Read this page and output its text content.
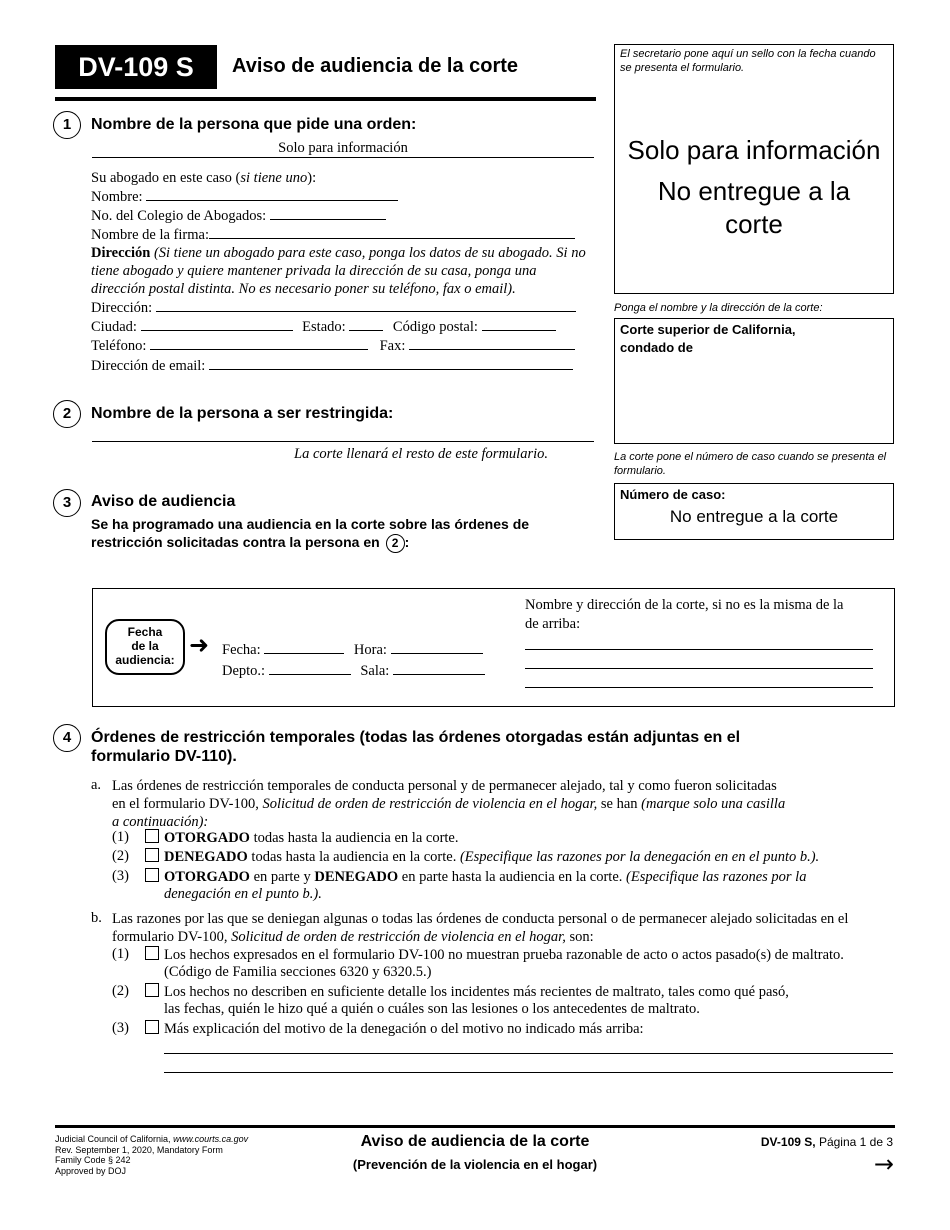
DV-109 S	Aviso de audiencia de la corte
El secretario pone aquí un sello con la fecha cuando se presenta el formulario.
Solo para información
No entregue a la corte
Ponga el nombre y la dirección de la corte:
Corte superior de California,
condado de
La corte pone el número de caso cuando se presenta el formulario.
Número de caso:
No entregue a la corte
1	Nombre de la persona que pide una orden:
Solo para información
Su abogado en este caso (si tiene uno):
Nombre:
No. del Colegio de Abogados:
Nombre de la firma:
Dirección (Si tiene un abogado para este caso, ponga los datos de su abogado. Si no tiene abogado y quiere mantener privada la dirección de su casa, ponga una dirección postal distinta. No es necesario poner su teléfono, fax o email).
Dirección:
Ciudad:	Estado:	Código postal:
Teléfono:	Fax:
Dirección de email:
2	Nombre de la persona a ser restringida:
La corte llenará el resto de este formulario.
3	Aviso de audiencia
Se ha programado una audiencia en la corte sobre las órdenes de
restricción solicitadas contra la persona en 2 :
Fecha
de la
audiencia:
➜ Fecha:	Hora:
Depto.:	Sala:
Nombre y dirección de la corte, si no es la misma de la
de arriba:
4	Órdenes de restricción temporales (todas las órdenes otorgadas están adjuntas en el
formulario DV-110).
a. Las órdenes de restricción temporales de conducta personal y de permanecer alejado, tal y como fueron solicitadas
en el formulario DV-100, Solicitud de orden de restricción de violencia en el hogar, se han (marque solo una casilla
a continuación):
(1)	OTORGADO todas hasta la audiencia en la corte.
(2)	DENEGADO todas hasta la audiencia en la corte. (Especifique las razones por la denegación en en el punto b.).
(3)	OTORGADO en parte y DENEGADO en parte hasta la audiencia en la corte. (Especifique las razones por la
denegación en el punto b.).
b. Las razones por las que se deniegan algunas o todas las órdenes de conducta personal o de permanecer alejado solicitadas en el
formulario DV-100, Solicitud de orden de restricción de violencia en el hogar, son:
(1)	Los hechos expresados en el formulario DV-100 no muestran prueba razonable de acto o actos pasado(s) de maltrato.
(Código de Familia secciones 6320 y 6320.5.)
(2)	Los hechos no describen en suficiente detalle los incidentes más recientes de maltrato, tales como qué pasó,
las fechas, quién le hizo qué a quién o cuáles son las lesiones o los antecedentes de maltrato.
(3)	Más explicación del motivo de la denegación o del motivo no indicado más arriba:
Judicial Council of California, www.courts.ca.gov
Rev. September 1, 2020, Mandatory Form
Family Code § 242
Approved by DOJ
Aviso de audiencia de la corte
(Prevención de la violencia en el hogar)
DV-109 S, Página 1 de 3
→
